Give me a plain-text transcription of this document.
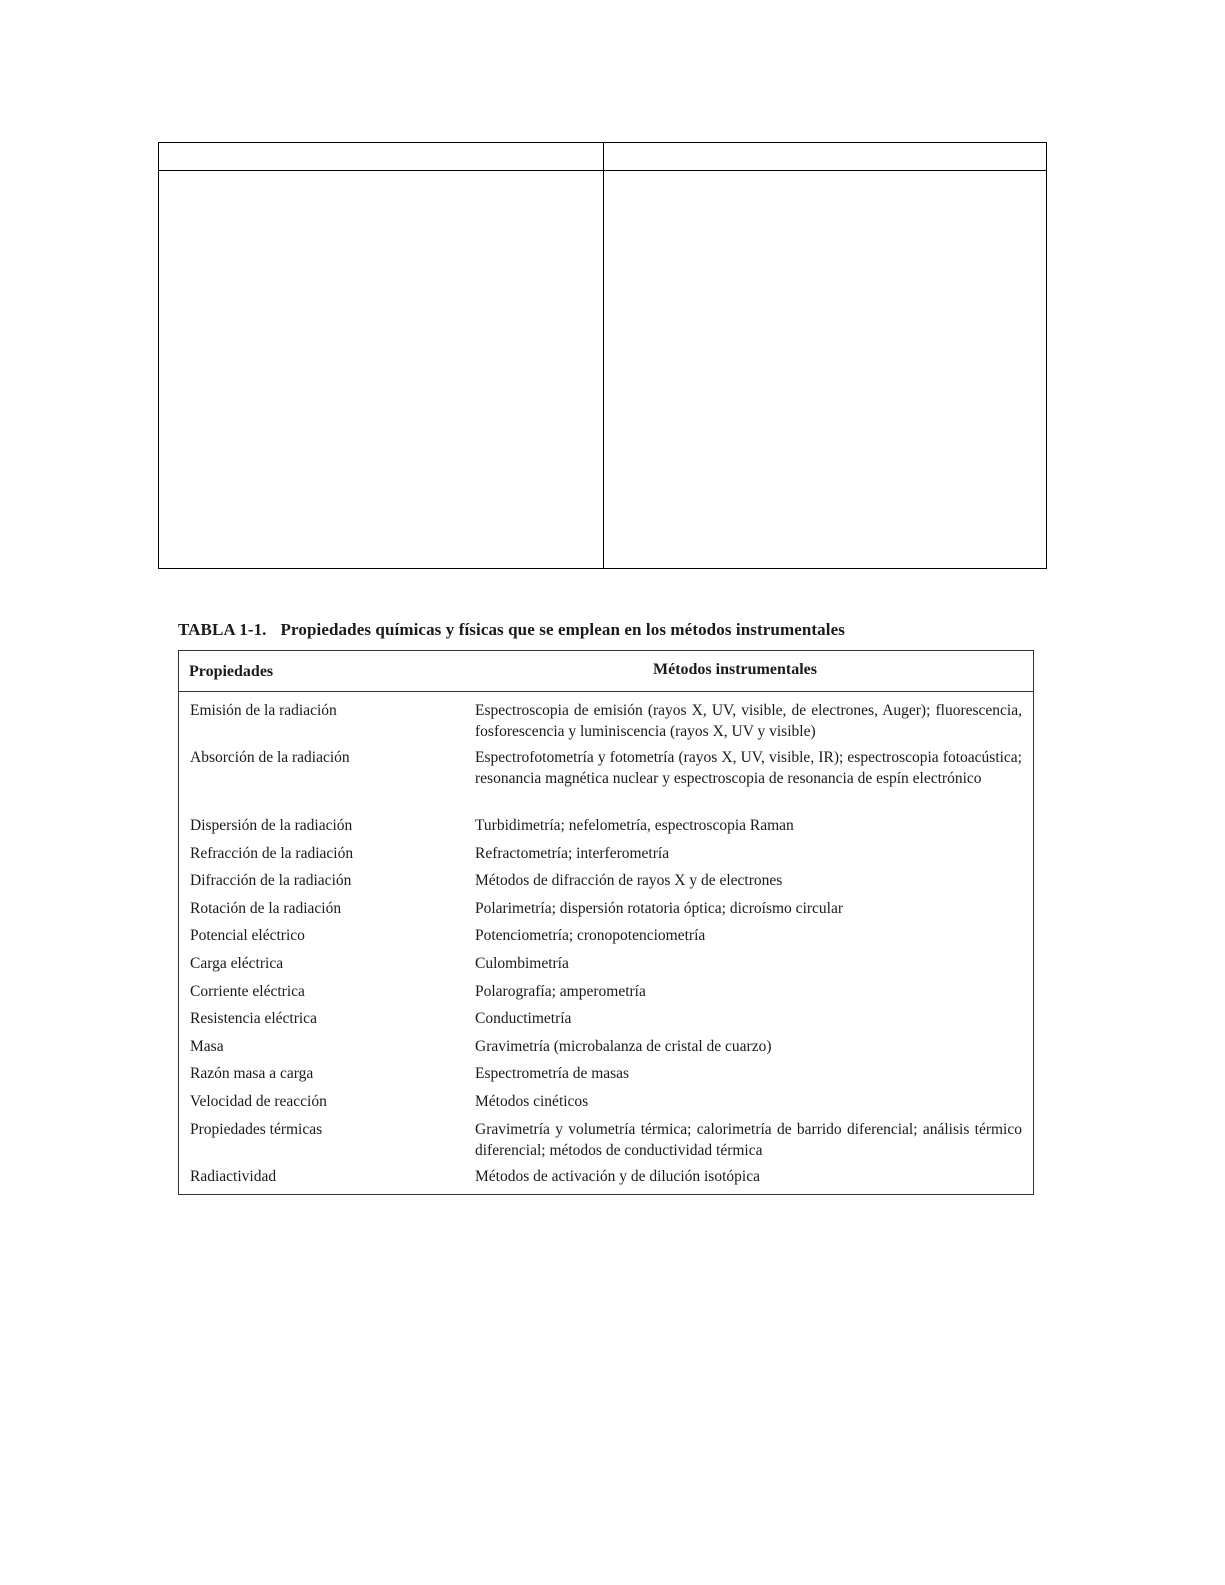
TABLA 1-1. Propiedades químicas y físicas que se emplean en los métodos instrumentales
Propiedades	Métodos instrumentales
Emisión de la radiación	Espectroscopia de emisión (rayos X, UV, visible, de electrones, Auger); fluorescencia, fosforescencia y luminiscencia (rayos X, UV y visible)
Absorción de la radiación	Espectrofotometría y fotometría (rayos X, UV, visible, IR); espectroscopia fotoacústica; resonancia magnética nuclear y espectroscopia de resonancia de espín electrónico
Dispersión de la radiación	Turbidimetría; nefelometría, espectroscopia Raman
Refracción de la radiación	Refractometría; interferometría
Difracción de la radiación	Métodos de difracción de rayos X y de electrones
Rotación de la radiación	Polarimetría; dispersión rotatoria óptica; dicroísmo circular
Potencial eléctrico	Potenciometría; cronopotenciometría
Carga eléctrica	Culombimetría
Corriente eléctrica	Polarografía; amperometría
Resistencia eléctrica	Conductimetría
Masa	Gravimetría (microbalanza de cristal de cuarzo)
Razón masa a carga	Espectrometría de masas
Velocidad de reacción	Métodos cinéticos
Propiedades térmicas	Gravimetría y volumetría térmica; calorimetría de barrido diferencial; análisis térmico diferencial; métodos de conductividad térmica
Radiactividad	Métodos de activación y de dilución isotópica
